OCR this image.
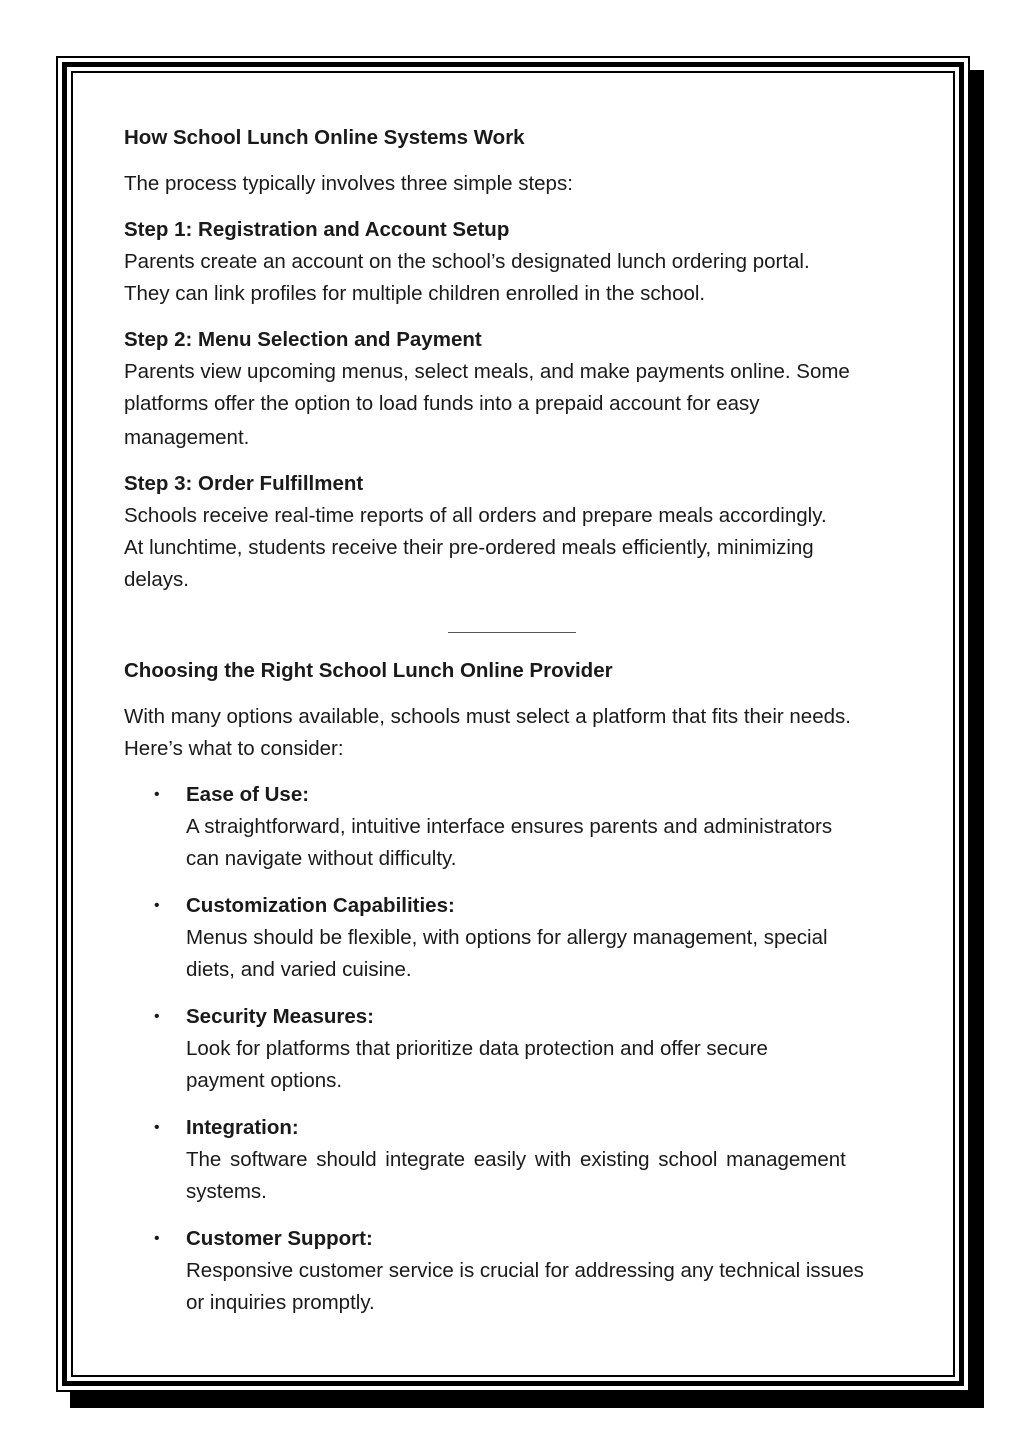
How School Lunch Online Systems Work
The process typically involves three simple steps:
Step 1: Registration and Account Setup
Parents create an account on the school’s designated lunch ordering portal.
They can link profiles for multiple children enrolled in the school.
Step 2: Menu Selection and Payment
Parents view upcoming menus, select meals, and make payments online. Some
platforms offer the option to load funds into a prepaid account for easy
management.
Step 3: Order Fulfillment
Schools receive real-time reports of all orders and prepare meals accordingly.
At lunchtime, students receive their pre-ordered meals efficiently, minimizing
delays.
Choosing the Right School Lunch Online Provider
With many options available, schools must select a platform that fits their needs.
Here’s what to consider:
• Ease of Use:
A straightforward, intuitive interface ensures parents and administrators
can navigate without difficulty.
• Customization Capabilities:
Menus should be flexible, with options for allergy management, special
diets, and varied cuisine.
• Security Measures:
Look for platforms that prioritize data protection and offer secure
payment options.
• Integration:
The software should integrate easily with existing school management
systems.
• Customer Support:
Responsive customer service is crucial for addressing any technical issues
or inquiries promptly.
